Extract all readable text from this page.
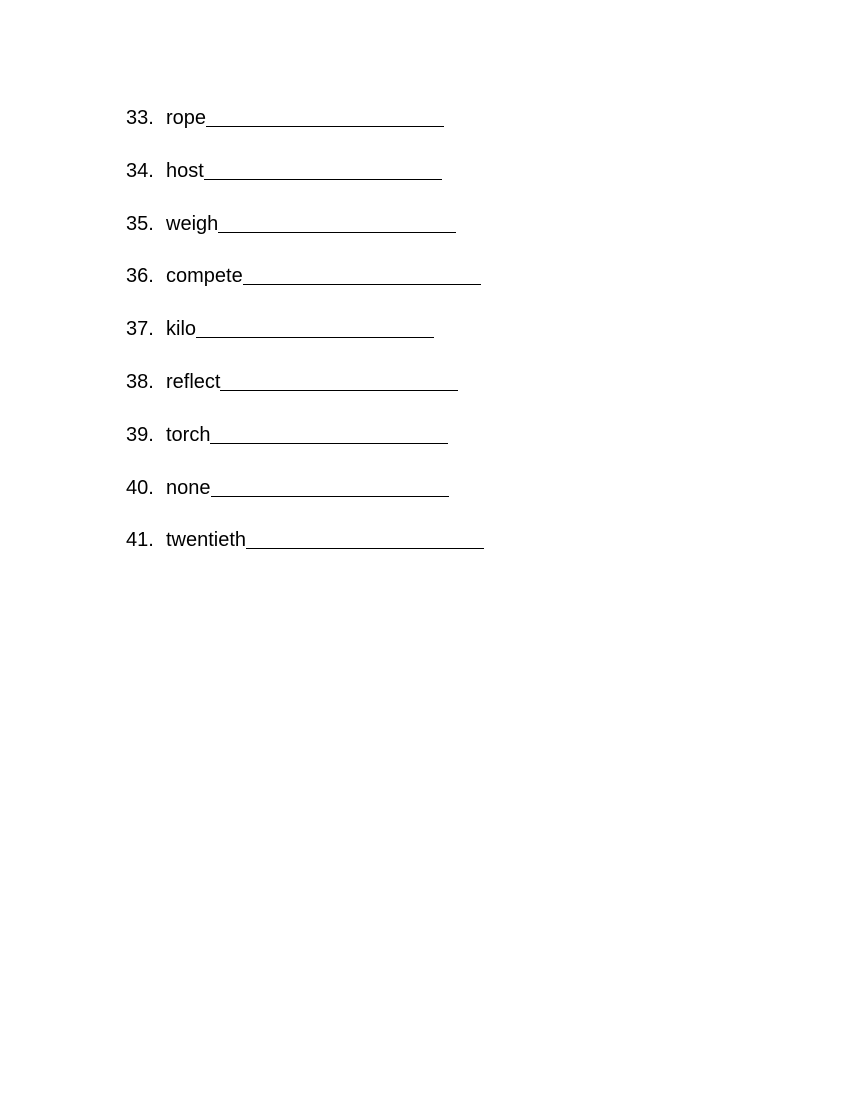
33. rope
34. host
35. weigh
36. compete
37. kilo
38. reflect
39. torch
40. none
41. twentieth
